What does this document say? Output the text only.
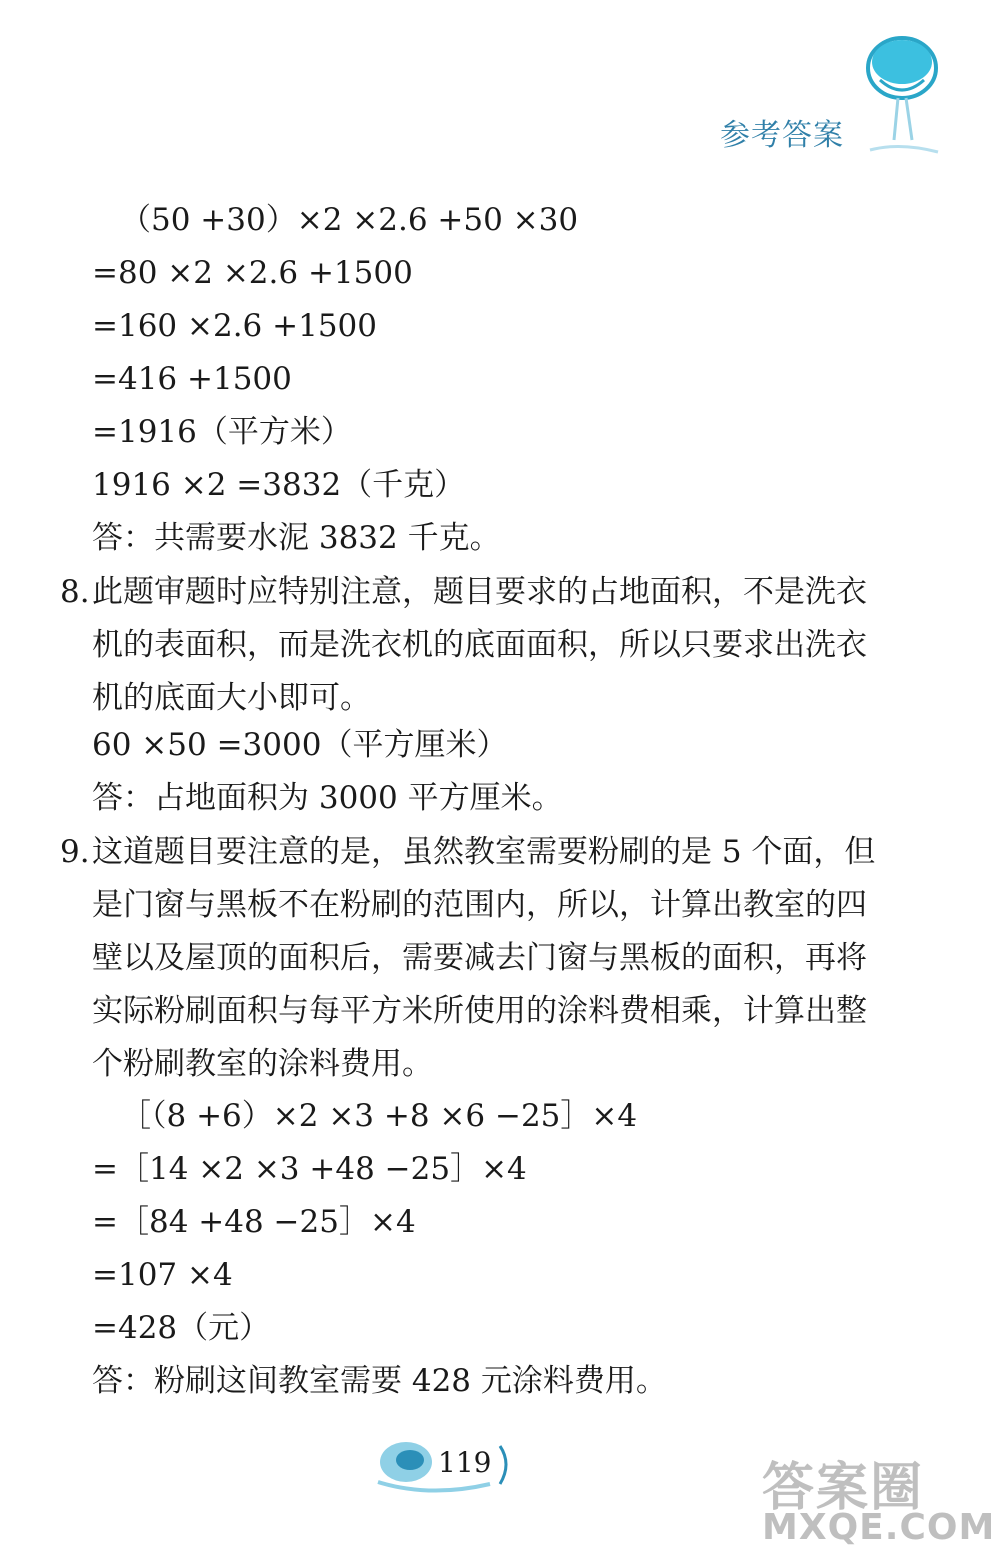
参考答案
（50 +30）×2 ×2.6 +50 ×30
=80 ×2 ×2.6 +1500
=160 ×2.6 +1500
=416 +1500
=1916（平方米）
1916 ×2 =3832（千克）
答：共需要水泥 3832 千克。
8. 此题审题时应特别注意，题目要求的占地面积，不是洗衣机的表面积，而是洗衣机的底面面积，所以只要求出洗衣机的底面大小即可。
60 ×50 =3000（平方厘米）
答：占地面积为 3000 平方厘米。
9. 这道题目要注意的是，虽然教室需要粉刷的是 5 个面，但是门窗与黑板不在粉刷的范围内，所以，计算出教室的四壁以及屋顶的面积后，需要减去门窗与黑板的面积，再将实际粉刷面积与每平方米所使用的涂料费相乘，计算出整个粉刷教室的涂料费用。
［（8 +6）×2 ×3 +8 ×6 −25］×4
=［14 ×2 ×3 +48 −25］×4
=［84 +48 −25］×4
=107 ×4
=428（元）
答：粉刷这间教室需要 428 元涂料费用。
119	答案圈
MXQE.COM
